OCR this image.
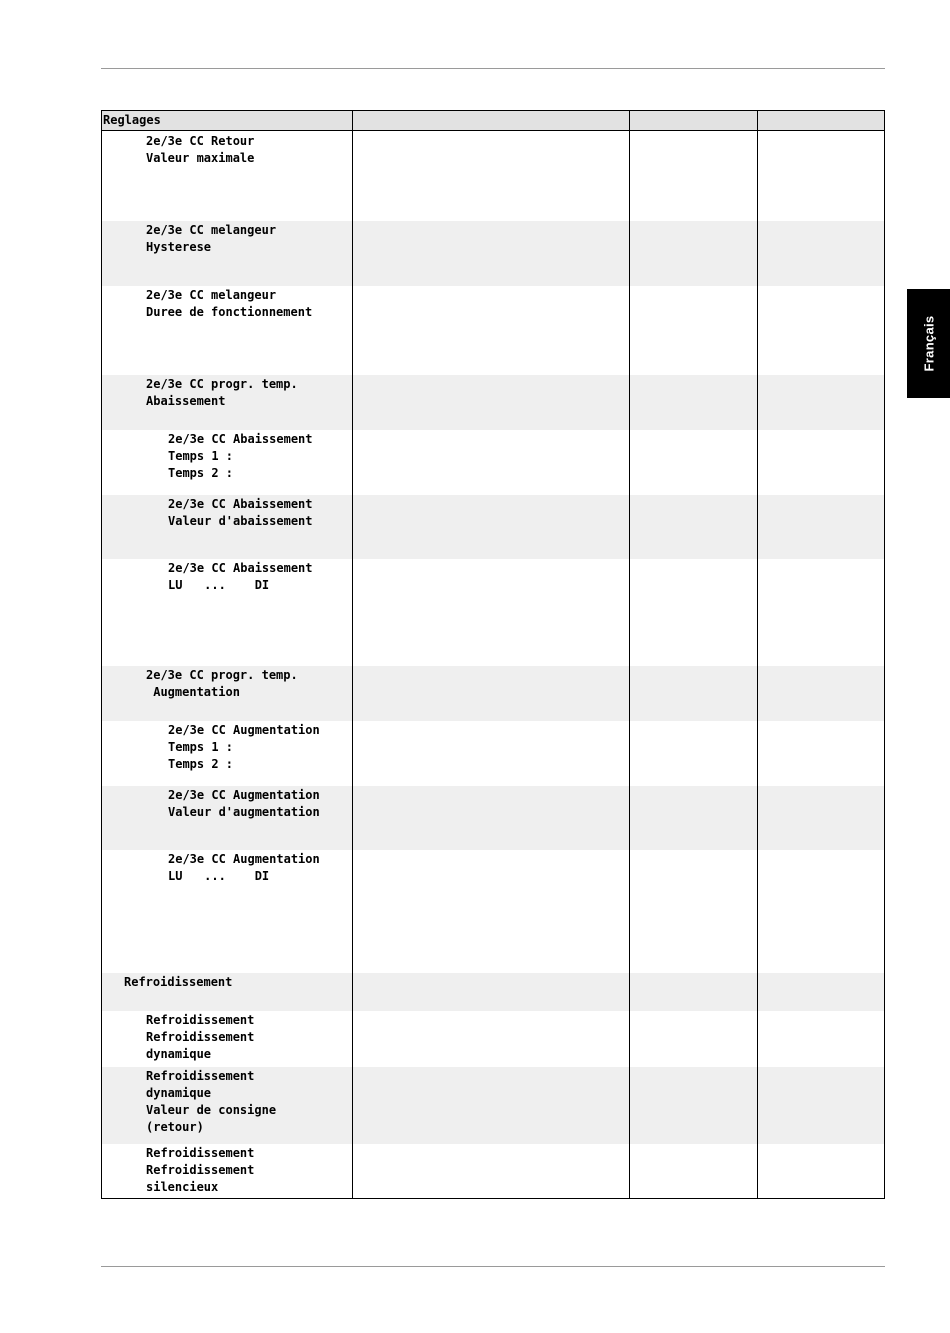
Français
Reglages
2e/3e CC Retour
Valeur maximale
2e/3e CC melangeur
Hysterese
2e/3e CC melangeur
Duree de fonctionnement
2e/3e CC progr. temp.
Abaissement
2e/3e CC Abaissement
Temps 1 :
Temps 2 :
2e/3e CC Abaissement
Valeur d'abaissement
2e/3e CC Abaissement
LU   ...    DI
2e/3e CC progr. temp.
Augmentation
2e/3e CC Augmentation
Temps 1 :
Temps 2 :
2e/3e CC Augmentation
Valeur d'augmentation
2e/3e CC Augmentation
LU   ...    DI
Refroidissement
Refroidissement
Refroidissement
dynamique
Refroidissement
dynamique
Valeur de consigne
(retour)
Refroidissement
Refroidissement
silencieux
